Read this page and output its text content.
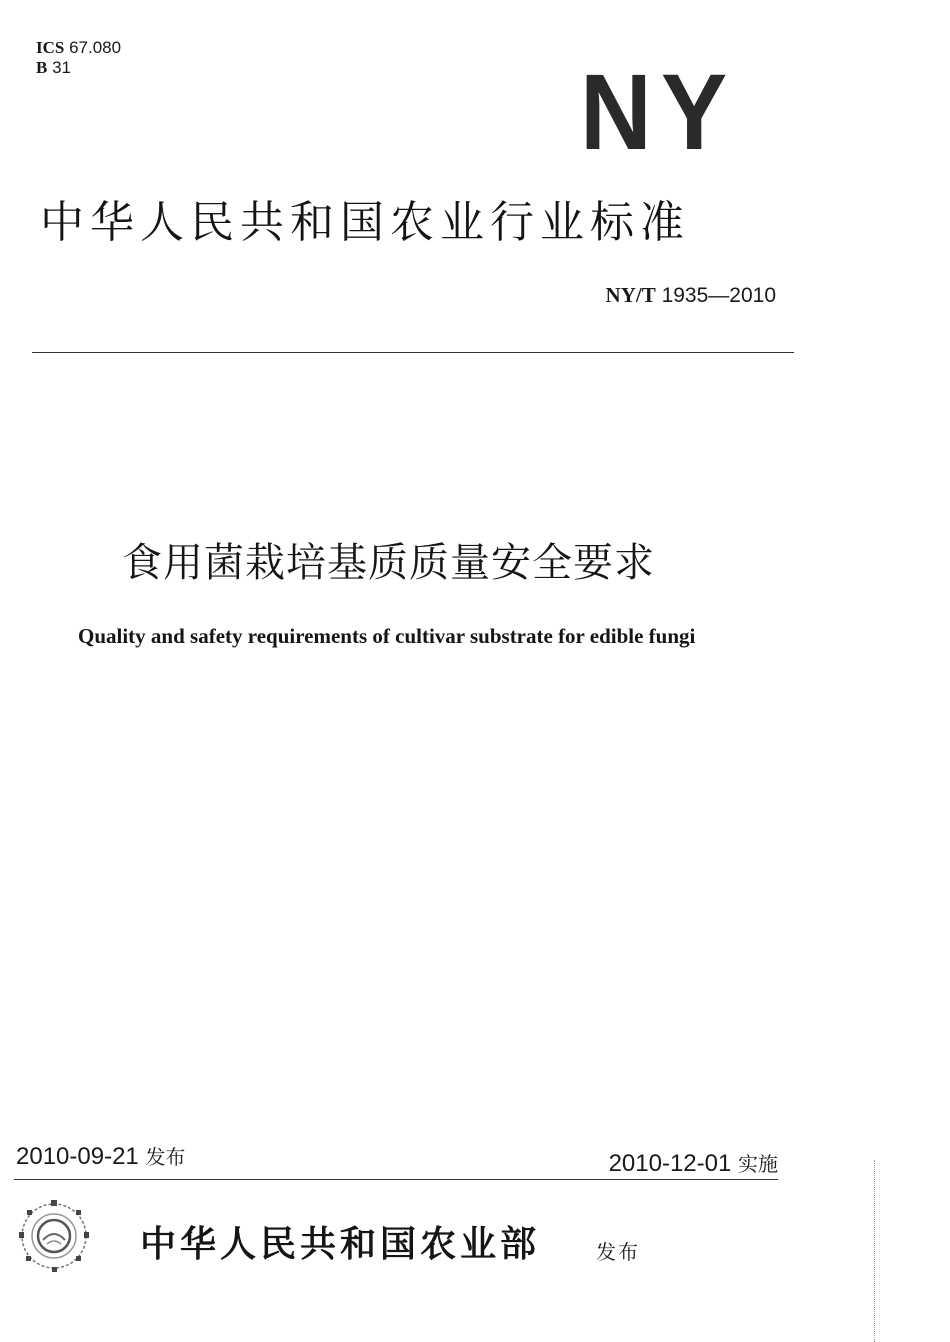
ICS 67.080
B 31	NY
中华人民共和国农业行业标准
NY/T 1935—2010
食用菌栽培基质质量安全要求
Quality and safety requirements of cultivar substrate for edible fungi
2010-09-21 发布	2010-12-01 实施
中华人民共和国农业部	发布
